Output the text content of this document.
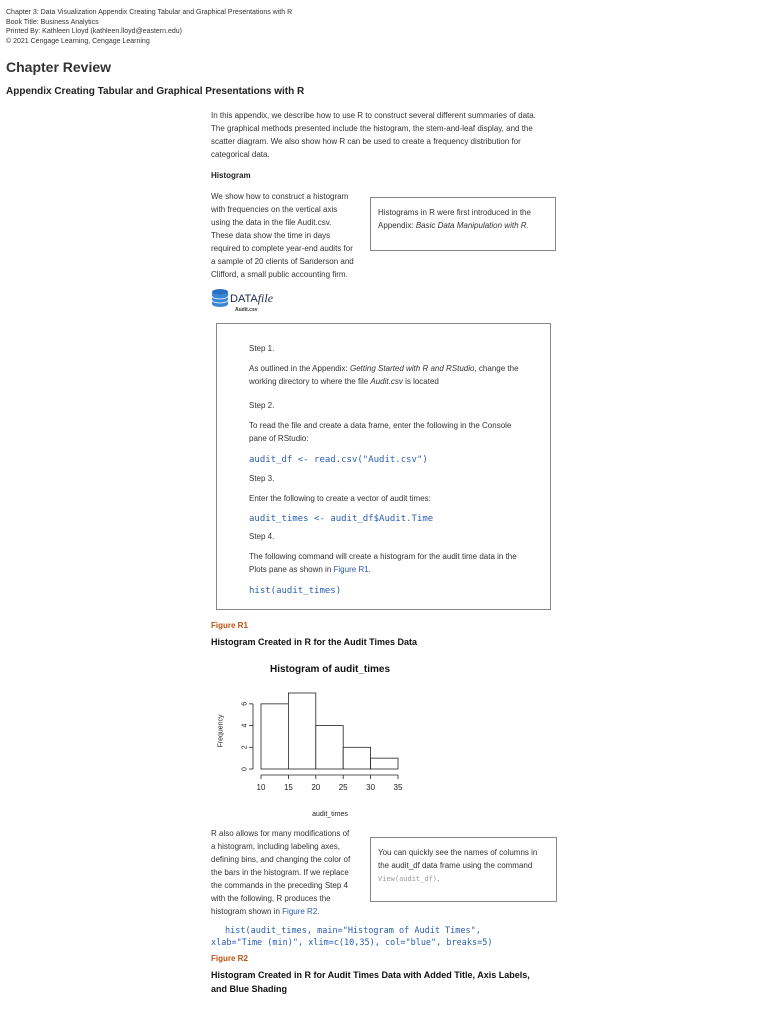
Chapter 3: Data Visualization Appendix Creating Tabular and Graphical Presentations with R
Book Title: Business Analytics
Printed By: Kathleen Lloyd (kathleen.lloyd@eastern.edu)
© 2021 Cengage Learning, Cengage Learning
Chapter Review
Appendix Creating Tabular and Graphical Presentations with R
In this appendix, we describe how to use R to construct several different summaries of data.
The graphical methods presented include the histogram, the stem-and-leaf display, and the
scatter diagram. We also show how R can be used to create a frequency distribution for
categorical data.
Histogram
We show how to construct a histogram
with frequencies on the vertical axis
using the data in the file Audit.csv.
These data show the time in days
required to complete year-end audits for
a sample of 20 clients of Sanderson and
Clifford, a small public accounting firm.
Histograms in R were first introduced in the
Appendix: Basic Data Manipulation with R.
DATAfile
Audit.csv
Step 1.
As outlined in the Appendix: Getting Started with R and RStudio, change the
working directory to where the file Audit.csv is located
Step 2.
To read the file and create a data frame, enter the following in the Console
pane of RStudio:
audit_df <- read.csv("Audit.csv")
Step 3.
Enter the following to create a vector of audit times:
audit_times <- audit_df$Audit.Time
Step 4.
The following command will create a histogram for the audit time data in the
Plots pane as shown in Figure R1.
hist(audit_times)
Figure R1
Histogram Created in R for the Audit Times Data
Histogram of audit_times
10 15 20 25 30 35
audit_times
0
2
4
6
Frequency
R also allows for many modifications of
a histogram, including labeling axes,
defining bins, and changing the color of
the bars in the histogram. If we replace
the commands in the preceding Step 4
with the following, R produces the
histogram shown in Figure R2.
You can quickly see the names of columns in
the audit_df data frame using the command
View(audit_df).
hist(audit_times, main="Histogram of Audit Times",
xlab="Time (min)", xlim=c(10,35), col="blue", breaks=5)
Figure R2
Histogram Created in R for Audit Times Data with Added Title, Axis Labels,
and Blue Shading
